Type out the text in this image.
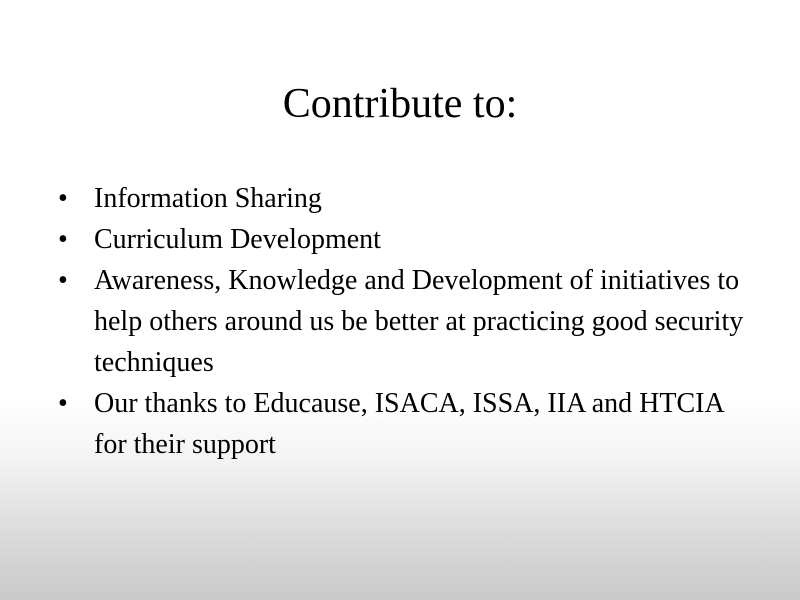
Contribute to:
• Information Sharing
• Curriculum Development
• Awareness, Knowledge and Development of initiatives to help others around us be better at practicing good security techniques
• Our thanks to Educause, ISACA, ISSA, IIA and HTCIA for their support
